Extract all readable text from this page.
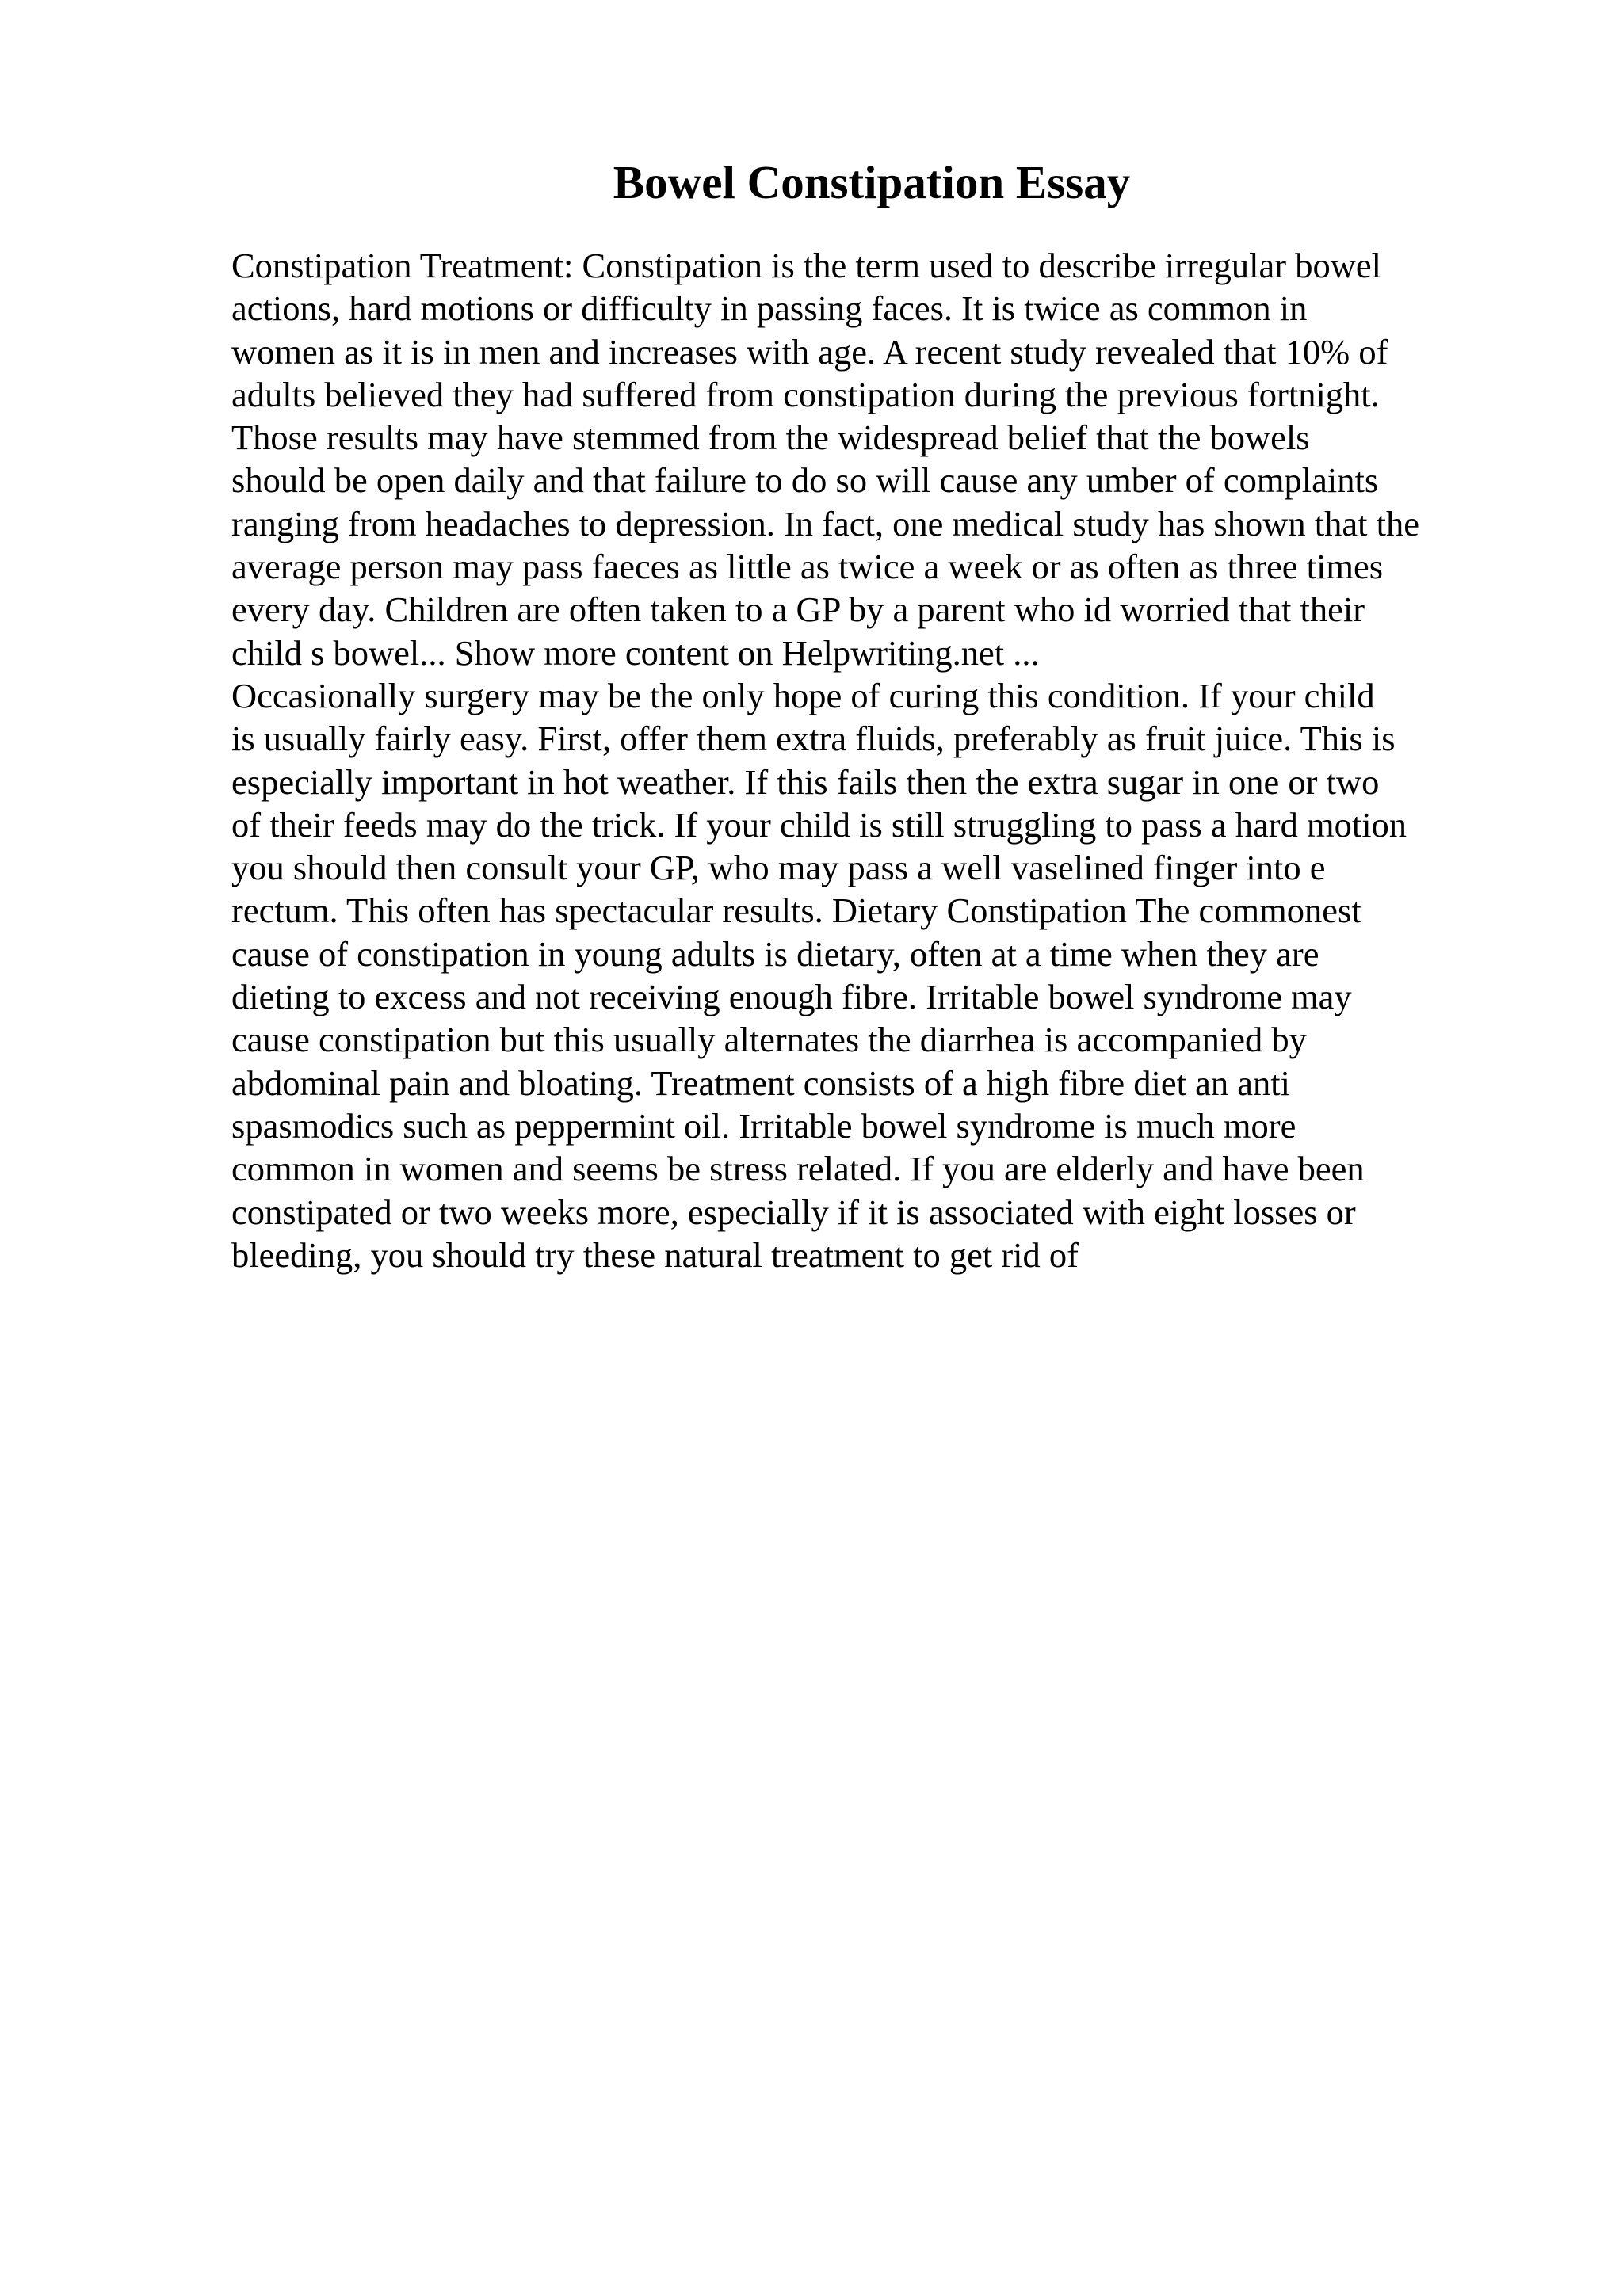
Bowel Constipation Essay
Constipation Treatment: Constipation is the term used to describe irregular bowel
actions, hard motions or difficulty in passing faces. It is twice as common in
women as it is in men and increases with age. A recent study revealed that 10% of
adults believed they had suffered from constipation during the previous fortnight.
Those results may have stemmed from the widespread belief that the bowels
should be open daily and that failure to do so will cause any umber of complaints
ranging from headaches to depression. In fact, one medical study has shown that the
average person may pass faeces as little as twice a week or as often as three times
every day. Children are often taken to a GP by a parent who id worried that their
child s bowel... Show more content on Helpwriting.net ...
Occasionally surgery may be the only hope of curing this condition. If your child
is usually fairly easy. First, offer them extra fluids, preferably as fruit juice. This is
especially important in hot weather. If this fails then the extra sugar in one or two
of their feeds may do the trick. If your child is still struggling to pass a hard motion
you should then consult your GP, who may pass a well vaselined finger into e
rectum. This often has spectacular results. Dietary Constipation The commonest
cause of constipation in young adults is dietary, often at a time when they are
dieting to excess and not receiving enough fibre. Irritable bowel syndrome may
cause constipation but this usually alternates the diarrhea is accompanied by
abdominal pain and bloating. Treatment consists of a high fibre diet an anti
spasmodics such as peppermint oil. Irritable bowel syndrome is much more
common in women and seems be stress related. If you are elderly and have been
constipated or two weeks more, especially if it is associated with eight losses or
bleeding, you should try these natural treatment to get rid of
